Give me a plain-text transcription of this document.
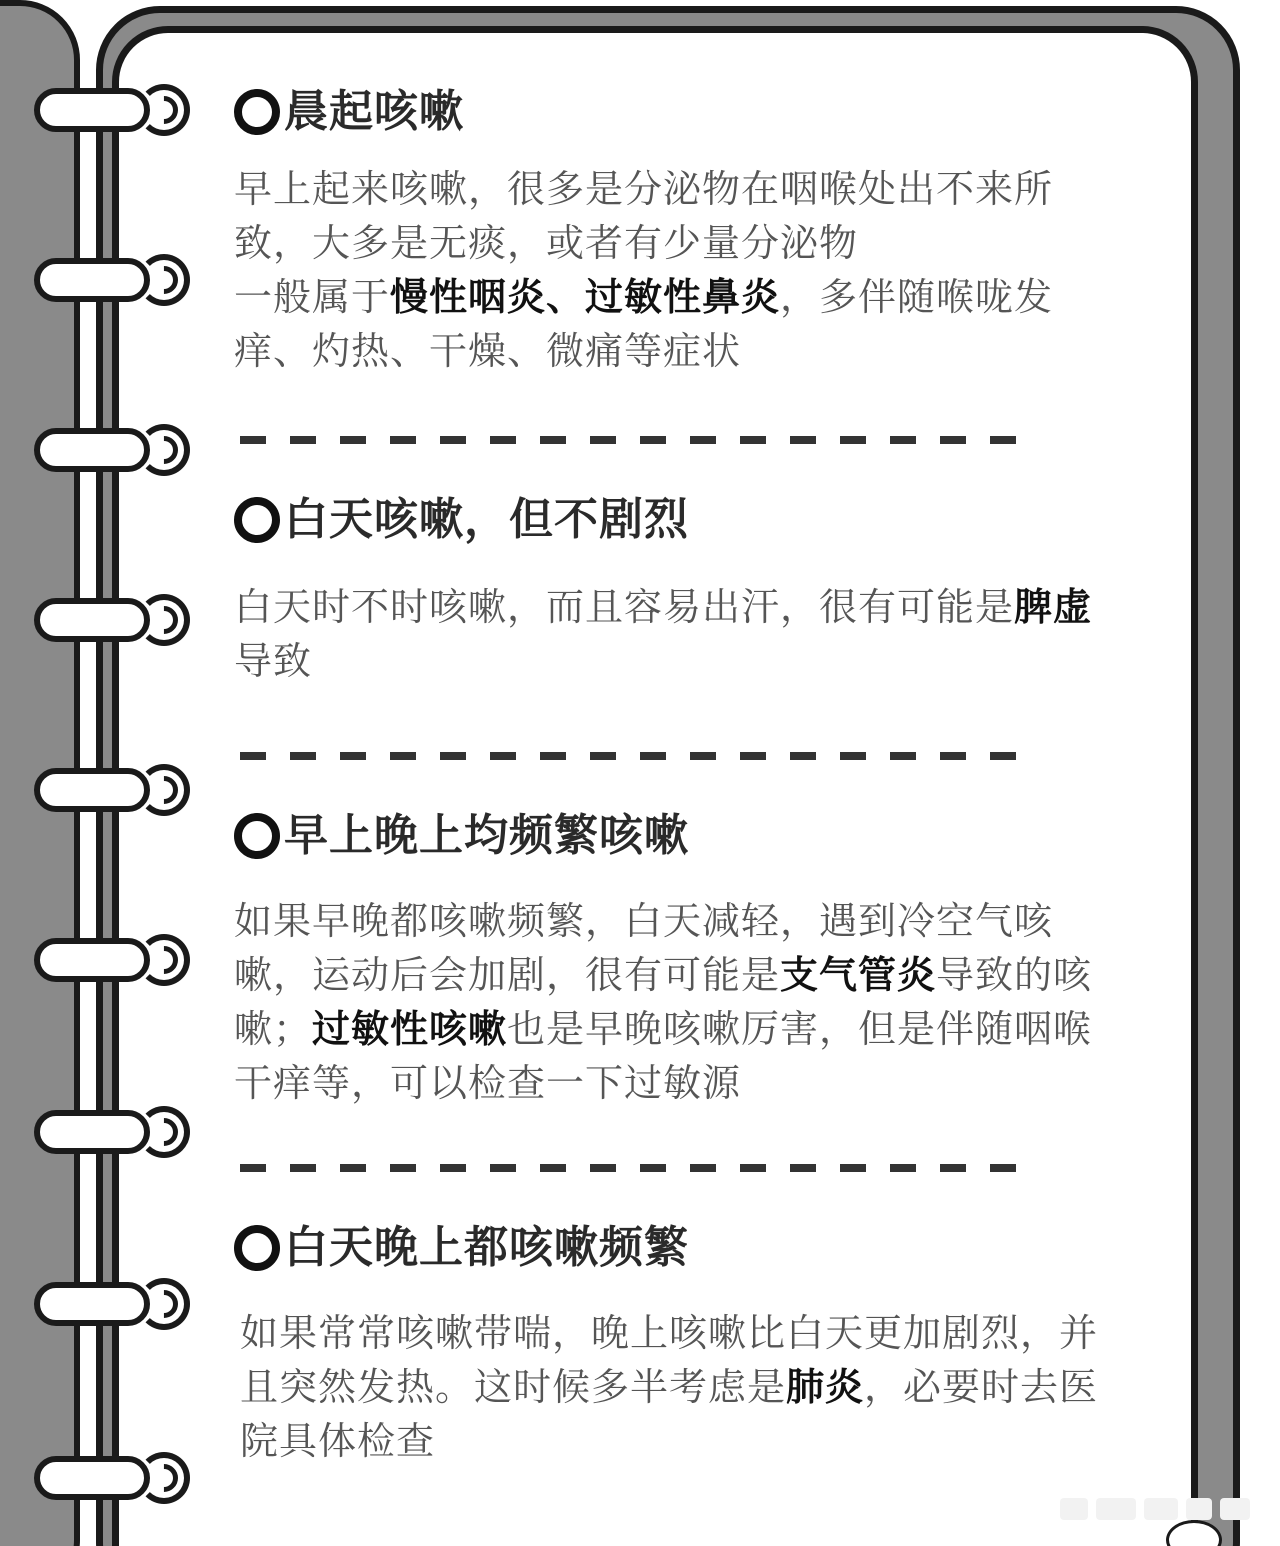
晨起咳嗽
早上起来咳嗽，很多是分泌物在咽喉处出不来所致，大多是无痰，或者有少量分泌物
一般属于慢性咽炎、过敏性鼻炎，多伴随喉咙发痒、灼热、干燥、微痛等症状
白天咳嗽，但不剧烈
白天时不时咳嗽，而且容易出汗，很有可能是脾虚导致
早上晚上均频繁咳嗽
如果早晚都咳嗽频繁，白天减轻，遇到冷空气咳嗽，运动后会加剧，很有可能是支气管炎导致的咳嗽；过敏性咳嗽也是早晚咳嗽厉害，但是伴随咽喉干痒等，可以检查一下过敏源
白天晚上都咳嗽频繁
如果常常咳嗽带喘，晚上咳嗽比白天更加剧烈，并且突然发热。这时候多半考虑是肺炎，必要时去医院具体检查
